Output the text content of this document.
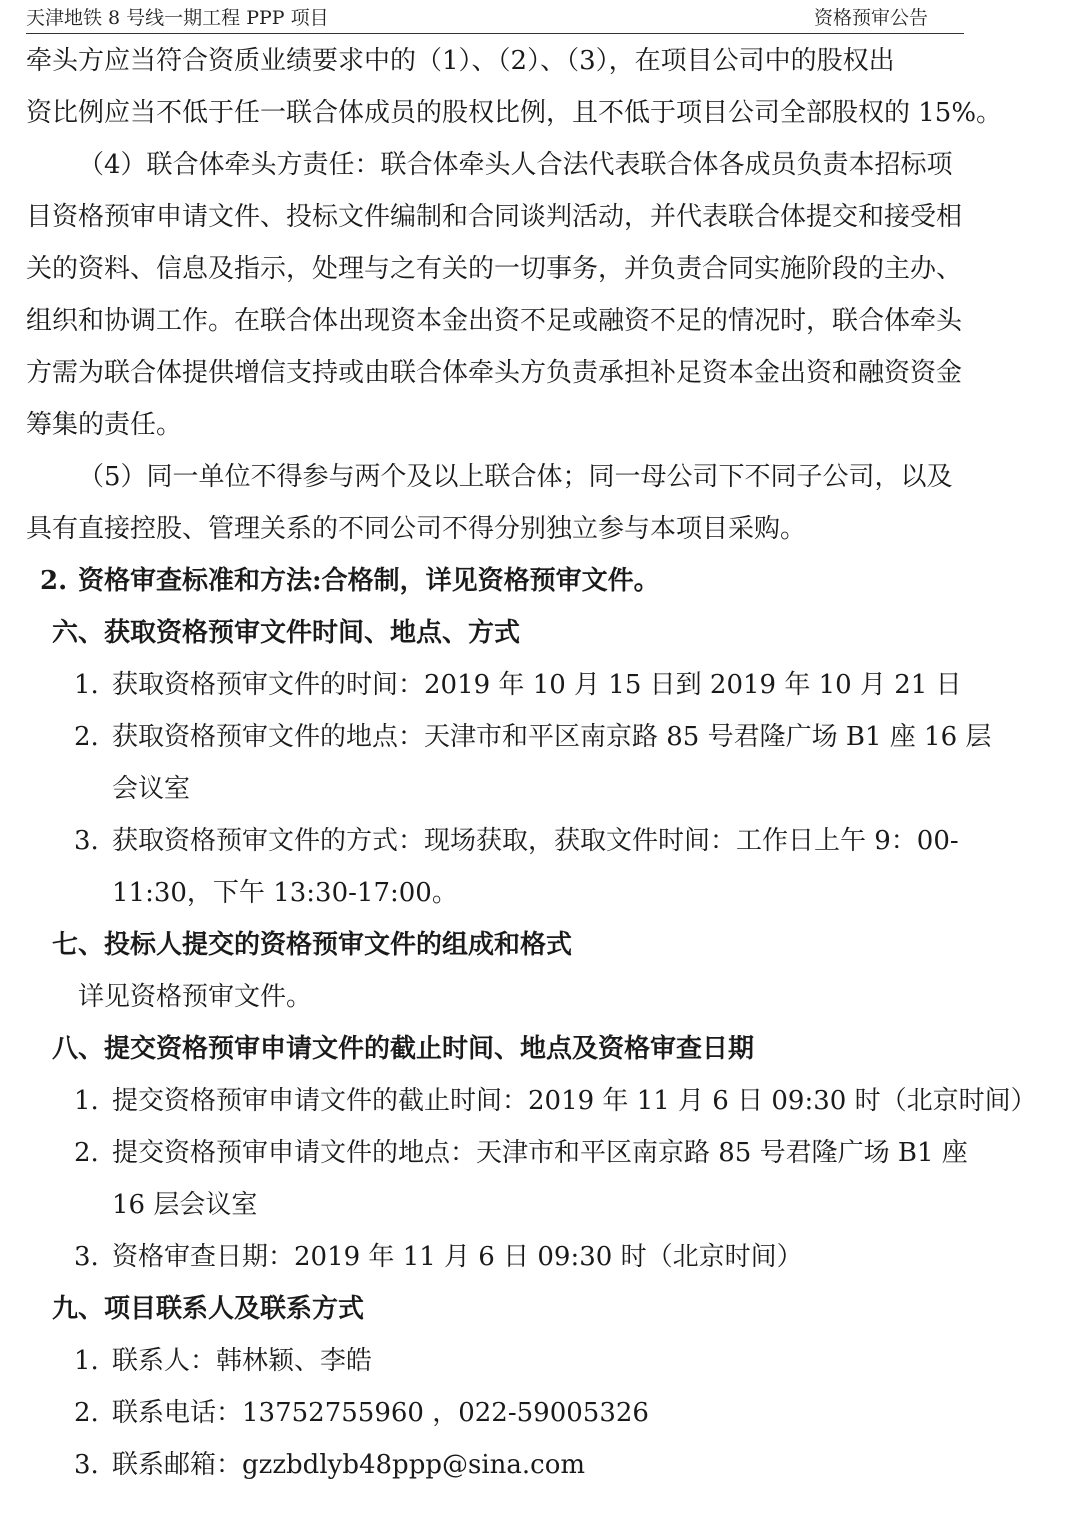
天津地铁 8 号线一期工程 PPP 项目	资格预审公告
牵头方应当符合资质业绩要求中的（1）、（2）、（3），在项目公司中的股权出
资比例应当不低于任一联合体成员的股权比例，且不低于项目公司全部股权的 15%。
（4）联合体牵头方责任：联合体牵头人合法代表联合体各成员负责本招标项
目资格预审申请文件、投标文件编制和合同谈判活动，并代表联合体提交和接受相
关的资料、信息及指示，处理与之有关的一切事务，并负责合同实施阶段的主办、
组织和协调工作。在联合体出现资本金出资不足或融资不足的情况时，联合体牵头
方需为联合体提供增信支持或由联合体牵头方负责承担补足资本金出资和融资资金
筹集的责任。
（5）同一单位不得参与两个及以上联合体；同一母公司下不同子公司，以及
具有直接控股、管理关系的不同公司不得分别独立参与本项目采购。
2. 资格审查标准和方法:合格制，详见资格预审文件。
六、获取资格预审文件时间、地点、方式
1. 获取资格预审文件的时间：2019 年 10 月 15 日到 2019 年 10 月 21 日
2. 获取资格预审文件的地点：天津市和平区南京路 85 号君隆广场 B1 座 16 层
会议室
3. 获取资格预审文件的方式：现场获取，获取文件时间：工作日上午 9：00-
11:30，下午 13:30-17:00。
七、投标人提交的资格预审文件的组成和格式
详见资格预审文件。
八、提交资格预审申请文件的截止时间、地点及资格审查日期
1. 提交资格预审申请文件的截止时间：2019 年 11 月 6 日 09:30 时（北京时间）
2. 提交资格预审申请文件的地点：天津市和平区南京路 85 号君隆广场 B1 座
16 层会议室
3. 资格审查日期：2019 年 11 月 6 日 09:30 时（北京时间）
九、项目联系人及联系方式
1. 联系人：韩林颖、李皓
2. 联系电话：13752755960 ，022-59005326
3. 联系邮箱：gzzbdlyb48ppp@sina.com
